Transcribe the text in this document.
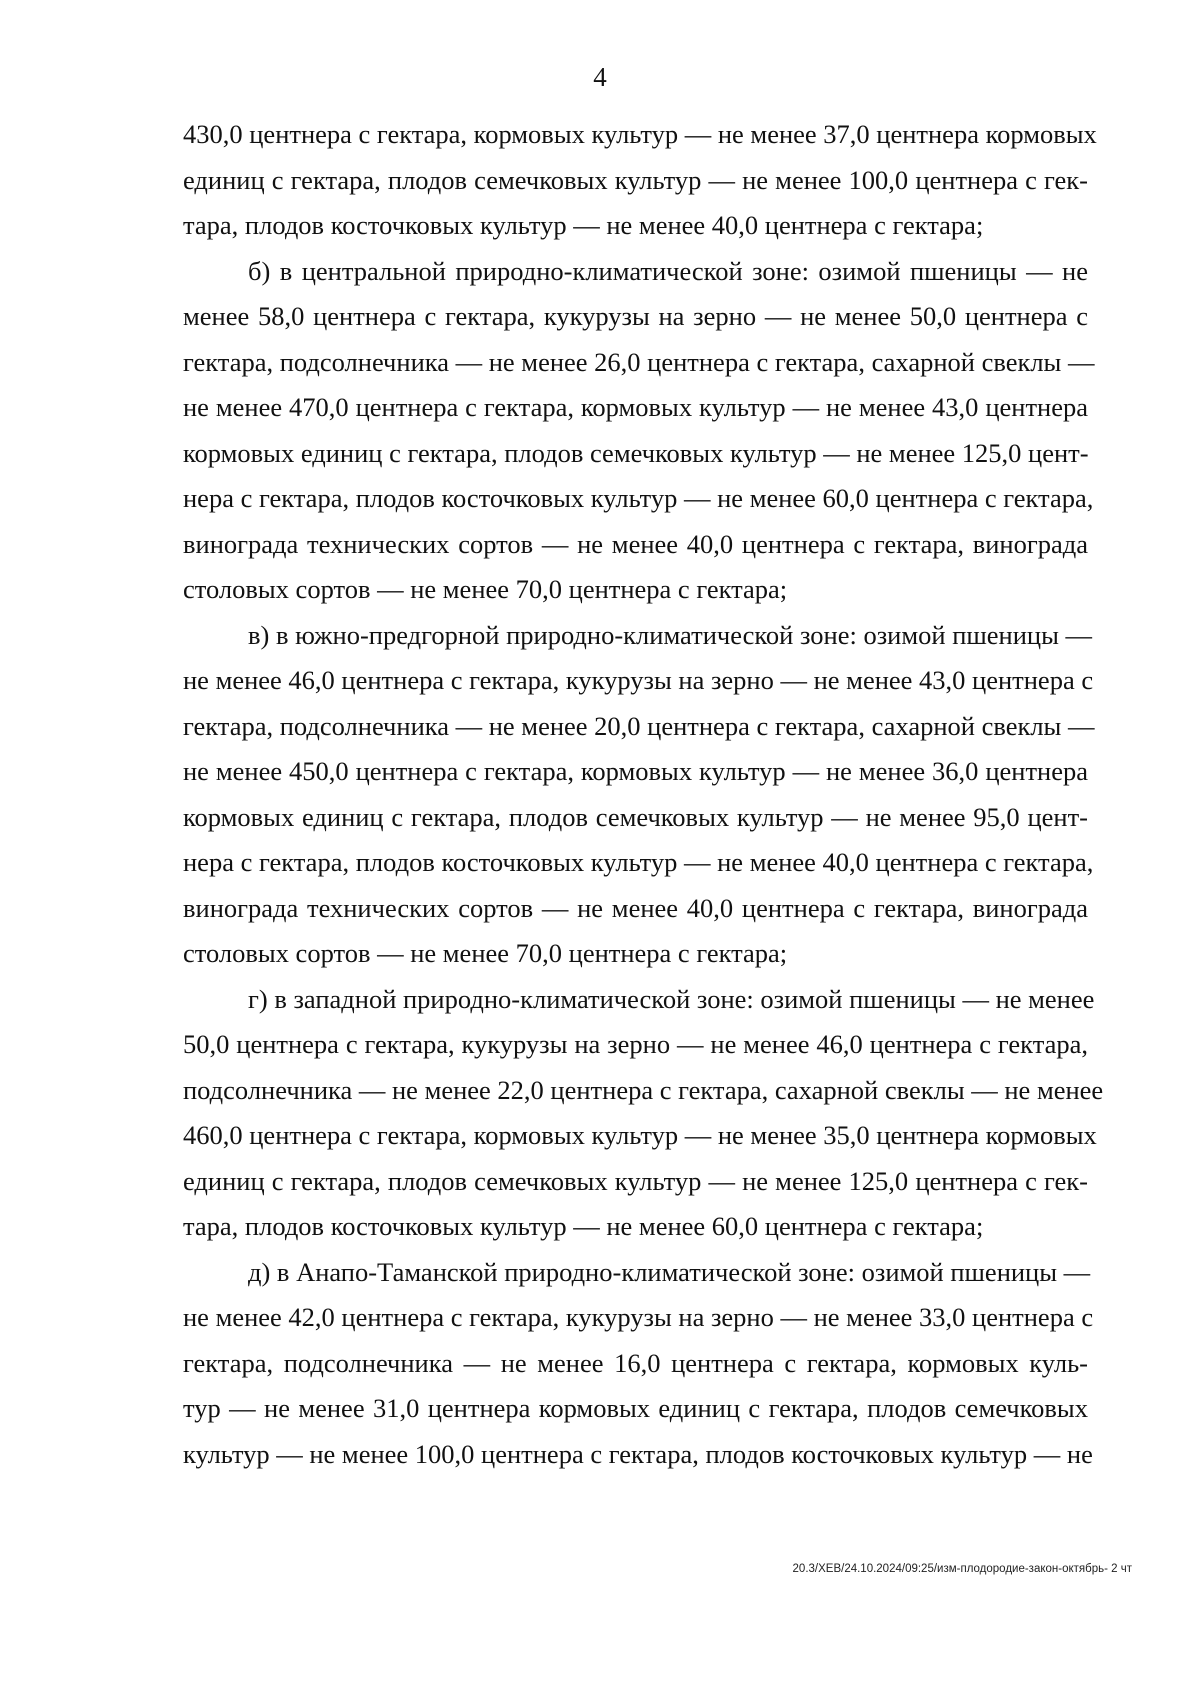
4
430,0 центнера с гектара, кормовых культур — не менее 37,0 центнера кормовых
единиц с гектара, плодов семечковых культур — не менее 100,0 центнера с гек-
тара, плодов косточковых культур — не менее 40,0 центнера с гектара;
б) в центральной природно-климатической зоне: озимой пшеницы — не
менее 58,0 центнера с гектара, кукурузы на зерно — не менее 50,0 центнера с
гектара, подсолнечника — не менее 26,0 центнера с гектара, сахарной свеклы —
не менее 470,0 центнера с гектара, кормовых культур — не менее 43,0 центнера
кормовых единиц с гектара, плодов семечковых культур — не менее 125,0 цент-
нера с гектара, плодов косточковых культур — не менее 60,0 центнера с гектара,
винограда технических сортов — не менее 40,0 центнера с гектара, винограда
столовых сортов — не менее 70,0 центнера с гектара;
в) в южно-предгорной природно-климатической зоне: озимой пшеницы —
не менее 46,0 центнера с гектара, кукурузы на зерно — не менее 43,0 центнера с
гектара, подсолнечника — не менее 20,0 центнера с гектара, сахарной свеклы —
не менее 450,0 центнера с гектара, кормовых культур — не менее 36,0 центнера
кормовых единиц с гектара, плодов семечковых культур — не менее 95,0 цент-
нера с гектара, плодов косточковых культур — не менее 40,0 центнера с гектара,
винограда технических сортов — не менее 40,0 центнера с гектара, винограда
столовых сортов — не менее 70,0 центнера с гектара;
г) в западной природно-климатической зоне: озимой пшеницы — не менее
50,0 центнера с гектара, кукурузы на зерно — не менее 46,0 центнера с гектара,
подсолнечника — не менее 22,0 центнера с гектара, сахарной свеклы — не менее
460,0 центнера с гектара, кормовых культур — не менее 35,0 центнера кормовых
единиц с гектара, плодов семечковых культур — не менее 125,0 центнера с гек-
тара, плодов косточковых культур — не менее 60,0 центнера с гектара;
д) в Анапо-Таманской природно-климатической зоне: озимой пшеницы —
не менее 42,0 центнера с гектара, кукурузы на зерно — не менее 33,0 центнера с
гектара, подсолнечника — не менее 16,0 центнера с гектара, кормовых куль-
тур — не менее 31,0 центнера кормовых единиц с гектара, плодов семечковых
культур — не менее 100,0 центнера с гектара, плодов косточковых культур — не
20.3/ХЕВ/24.10.2024/09:25/изм-плодородие-закон-октябрь- 2 чт
